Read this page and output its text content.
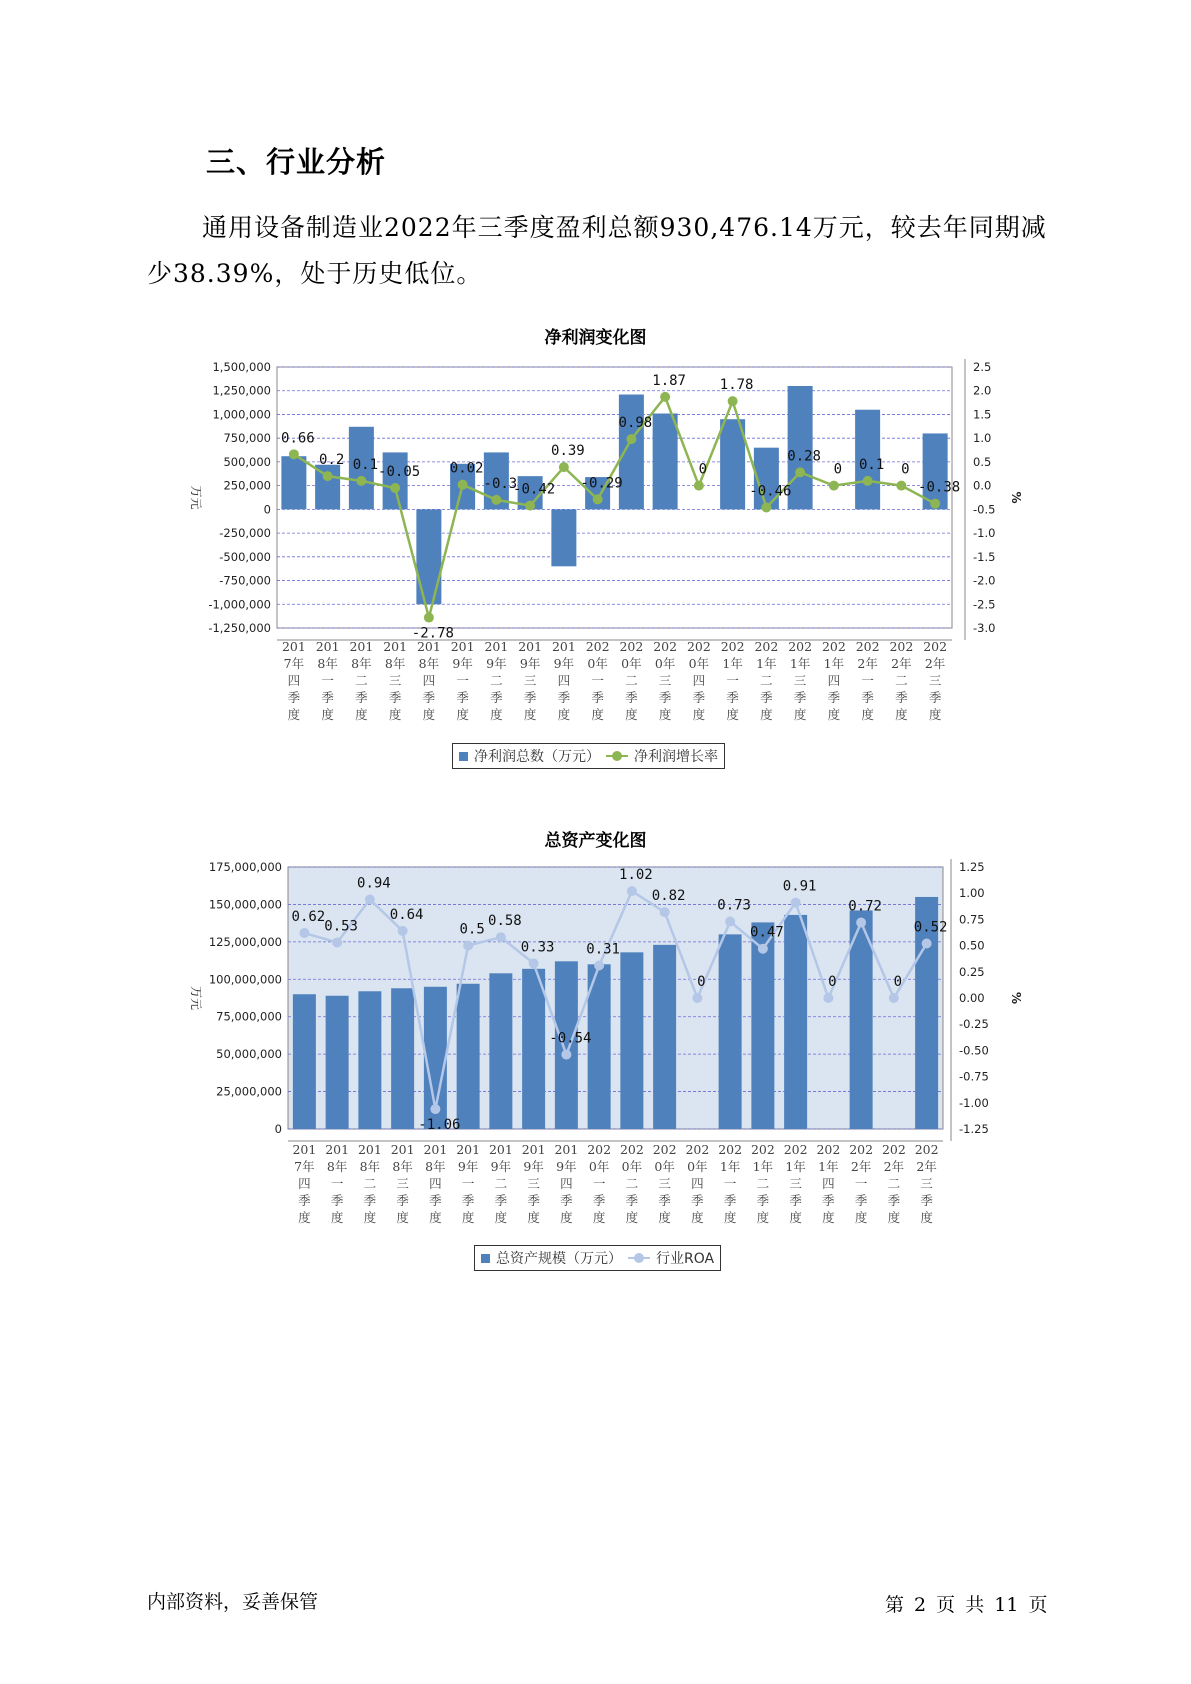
三、行业分析
通用设备制造业2022年三季度盈利总额930,476.14万元，较去年同期减少38.39%，处于历史低位。
净利润变化图
1,500,000
1,250,000
1,000,000
750,000
500,000
250,000
0
-250,000
-500,000
-750,000
-1,000,000
-1,250,000
2.5
2.0
1.5
1.0
0.5
0.0
-0.5
-1.0
-1.5
-2.0
-2.5
-3.0
万元	%
201
7年
四
季
度
201
8年
一
季
度
201
8年
二
季
度
201
8年
三
季
度
201
8年
四
季
度
201
9年
一
季
度
201
9年
二
季
度
201
9年
三
季
度
201
9年
四
季
度
202
0年
一
季
度
202
0年
二
季
度
202
0年
三
季
度
202
0年
四
季
度
202
1年
一
季
度
202
1年
二
季
度
202
1年
三
季
度
202
1年
四
季
度
202
2年
一
季
度
202
2年
二
季
度
202
2年
三
季
度
0.66
0.2 0.1 -0.05
-2.78
0.02
-0.3
-0.42
0.39
-0.29
0.98
1.87
0
1.78
-0.46
0.28
0 0.1 0
-0.38
净利润总数（万元） 净利润增长率
总资产变化图
175,000,000
150,000,000
125,000,000
100,000,000
75,000,000
50,000,000
25,000,000
0
1.25
1.00
0.75
0.50
0.25
0.00
-0.25
-0.50
-0.75
-1.00
-1.25
万元	%
201
7年
四
季
度
201
8年
一
季
度
201
8年
二
季
度
201
8年
三
季
度
201
8年
四
季
度
201
9年
一
季
度
201
9年
二
季
度
201
9年
三
季
度
201
9年
四
季
度
202
0年
一
季
度
202
0年
二
季
度
202
0年
三
季
度
202
0年
四
季
度
202
1年
一
季
度
202
1年
二
季
度
202
1年
三
季
度
202
1年
四
季
度
202
2年
一
季
度
202
2年
二
季
度
202
2年
三
季
度
0.62
0.53
0.94
0.64
-1.06
0.5
0.58
0.33
-0.54
0.31
1.02
0.82
0
0.73
0.47
0.91
0
0.72
0
0.52
总资产规模（万元） 行业ROA
内部资料，妥善保管	第 2 页 共 11 页
